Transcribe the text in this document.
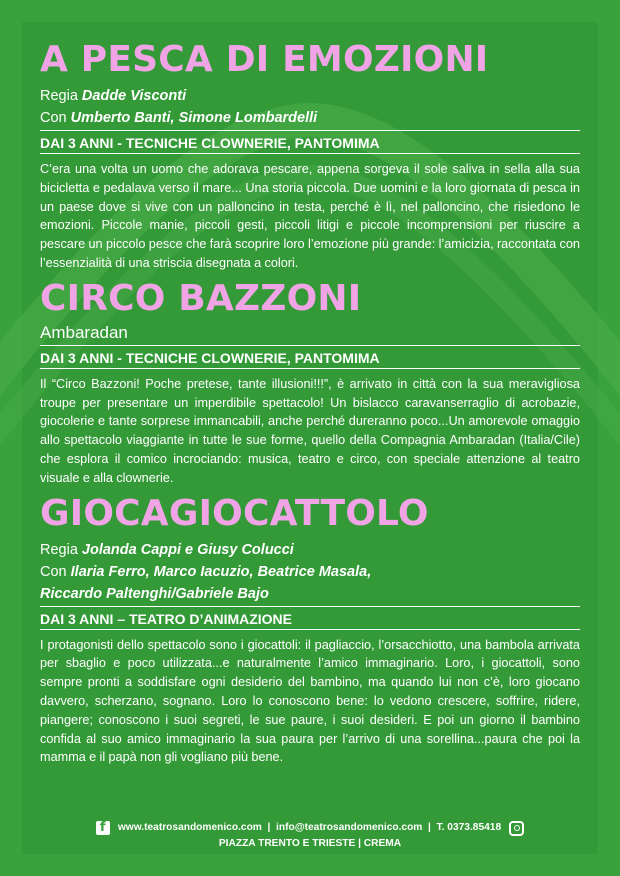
A PESCA DI EMOZIONI
Regia Dadde Visconti
Con Umberto Banti, Simone Lombardelli
DAI 3 ANNI - TECNICHE CLOWNERIE, PANTOMIMA

C’era una volta un uomo che adorava pescare, appena sorgeva il sole saliva in sella alla sua bicicletta e pedalava verso il mare... Una storia piccola. Due uomini e la loro giornata di pesca in un paese dove si vive con un palloncino in testa, perché è lì, nel palloncino, che risiedono le emozioni. Piccole manie, piccoli gesti, piccoli litigi e piccole incomprensioni per riuscire a pescare un piccolo pesce che farà scoprire loro l’emozione più grande: l’amicizia, raccontata con l’essenzialità di una striscia disegnata a colori.

CIRCO BAZZONI
Ambaradan
DAI 3 ANNI - TECNICHE CLOWNERIE, PANTOMIMA

Il “Circo Bazzoni! Poche pretese, tante illusioni!!!”, è arrivato in città con la sua meravigliosa troupe per presentare un imperdibile spettacolo! Un bislacco caravanserraglio di acrobazie, giocolerie e tante sorprese immancabili, anche perché dureranno poco...Un amorevole omaggio allo spettacolo viaggiante in tutte le sue forme, quello della Compagnia Ambaradan (Italia/Cile) che esplora il comico incrociando: musica, teatro e circo, con speciale attenzione al teatro visuale e alla clownerie.

GIOCAGIOCATTOLO
Regia Jolanda Cappi e Giusy Colucci
Con Ilaria Ferro, Marco Iacuzio, Beatrice Masala,
Riccardo Paltenghi/Gabriele Bajo
DAI 3 ANNI – TEATRO D’ANIMAZIONE

I protagonisti dello spettacolo sono i giocattoli: il pagliaccio, l’orsacchiotto, una bambola arrivata per sbaglio e poco utilizzata...e naturalmente l’amico immaginario. Loro, i giocattoli, sono sempre pronti a soddisfare ogni desiderio del bambino, ma quando lui non c’è, loro giocano davvero, scherzano, sognano. Loro lo conoscono bene: lo vedono crescere, soffrire, ridere, piangere; conoscono i suoi segreti, le sue paure, i suoi desideri. E poi un giorno il bambino confida al suo amico immaginario la sua paura per l’arrivo di una sorellina...paura che poi la mamma e il papà non gli vogliano più bene.

f www.teatrosandomenico.com  |  info@teatrosandomenico.com  |  T. 0373.85418
PIAZZA TRENTO E TRIESTE | CREMA
